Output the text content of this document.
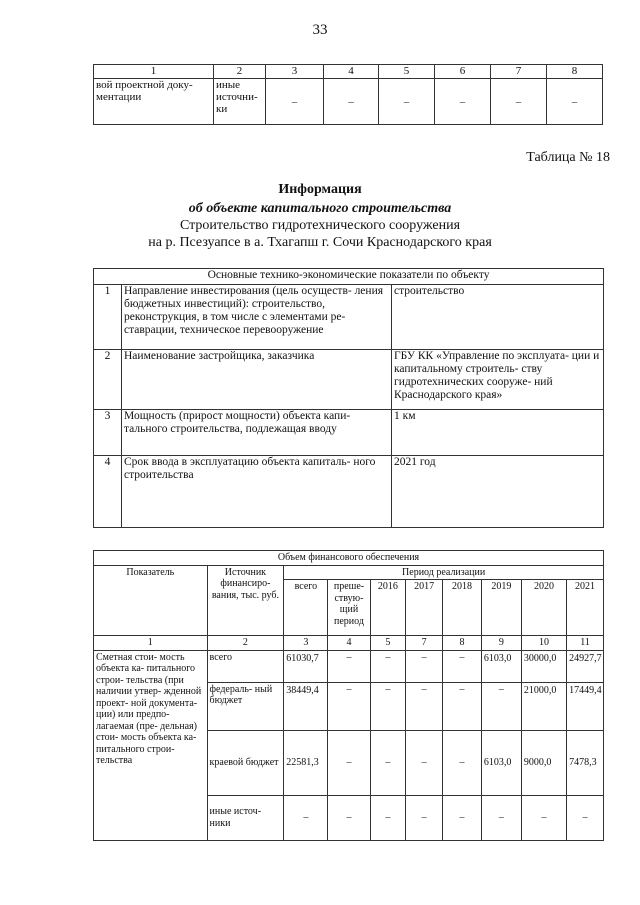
33
1	2	3	4	5	6	7	8
вой проектной доку- ментации	иные источни- ки	–	–	–	–	–	–
Таблица № 18
Информация
об объекте капитального строительства
Строительство гидротехнического сооружения
на р. Псезуапсе в а. Тхагапш г. Сочи Краснодарского края
Основные технико-экономические показатели по объекту		
1	Направление инвестирования (цель осуществ- ления бюджетных инвестиций): строительство, реконструкция, в том числе с элементами ре- ставрации, техническое перевооружение	строительство
2	Наименование застройщика, заказчика	ГБУ КК «Управление по эксплуата- ции и капитальному строитель- ству гидротехнических сооруже- ний Краснодарского края»
3	Мощность (прирост мощности) объекта капи- тального строительства, подлежащая вводу	1 км
4	Срок ввода в эксплуатацию объекта капиталь- ного строительства	2021 год
Объем финансового обеспечения									
Показатель	Источник финансиро- вания, тыс. руб.	Период реализации							
		всего	преше- ствую- щий период	2016	2017	2018	2019	2020	2021
1	2	3	4	5	7	8	9	10	11
Сметная стои- мость объекта ка- питального строи- тельства (при наличии утвер- жденной проект- ной документа- ции) или предпо- лагаемая (пре- дельная) стои- мость объекта ка- питального строи- тельства	всего	61030,7	–	–	–	–	6103,0	30000,0	24927,7
	федераль- ный бюджет	38449,4	–	–	–	–	–	21000,0	17449,4
	краевой бюджет	22581,3	–	–	–	–	6103,0	9000,0	7478,3
	иные источ- ники	–	–	–	–	–	–	–	–
